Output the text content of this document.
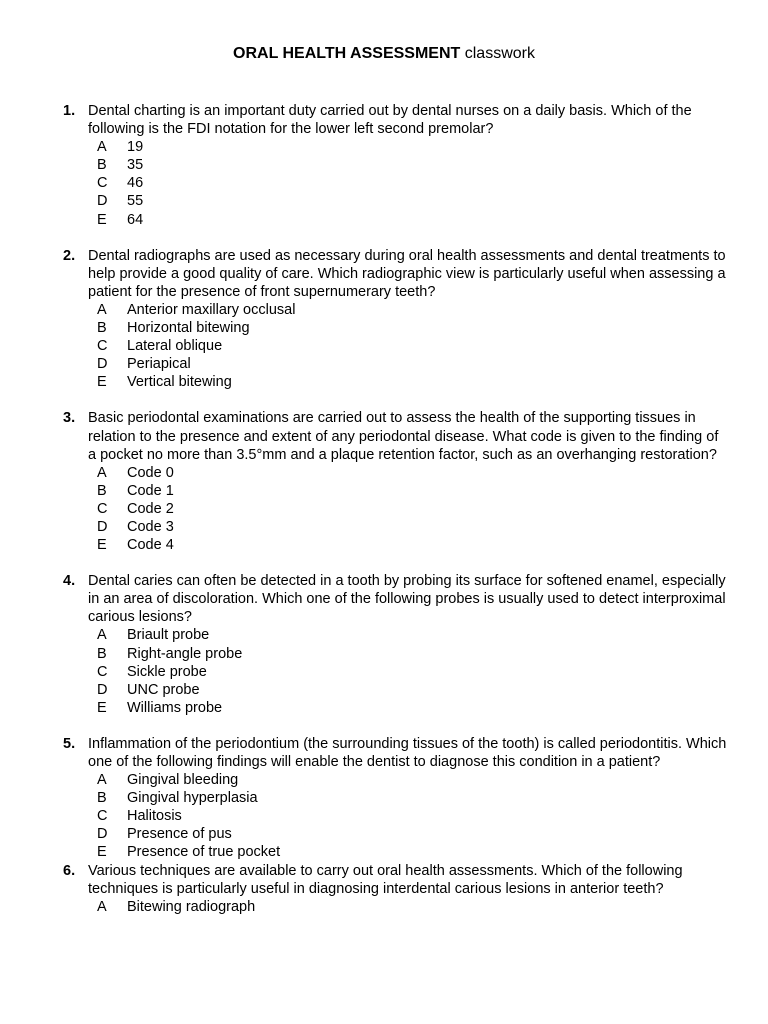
ORAL HEALTH ASSESSMENT classwork
1. Dental charting is an important duty carried out by dental nurses on a daily basis. Which of the following is the FDI notation for the lower left second premolar?
A 19
B 35
C 46
D 55
E 64
2. Dental radiographs are used as necessary during oral health assessments and dental treatments to help provide a good quality of care. Which radiographic view is particularly useful when assessing a patient for the presence of front supernumerary teeth?
A Anterior maxillary occlusal
B Horizontal bitewing
C Lateral oblique
D Periapical
E Vertical bitewing
3. Basic periodontal examinations are carried out to assess the health of the supporting tissues in relation to the presence and extent of any periodontal disease. What code is given to the finding of a pocket no more than 3.5°mm and a plaque retention factor, such as an overhanging restoration?
A Code 0
B Code 1
C Code 2
D Code 3
E Code 4
4. Dental caries can often be detected in a tooth by probing its surface for softened enamel, especially in an area of discoloration. Which one of the following probes is usually used to detect interproximal carious lesions?
A Briault probe
B Right-angle probe
C Sickle probe
D UNC probe
E Williams probe
5. Inflammation of the periodontium (the surrounding tissues of the tooth) is called periodontitis. Which one of the following findings will enable the dentist to diagnose this condition in a patient?
A Gingival bleeding
B Gingival hyperplasia
C Halitosis
D Presence of pus
E Presence of true pocket
6. Various techniques are available to carry out oral health assessments. Which of the following techniques is particularly useful in diagnosing interdental carious lesions in anterior teeth?
A Bitewing radiograph
